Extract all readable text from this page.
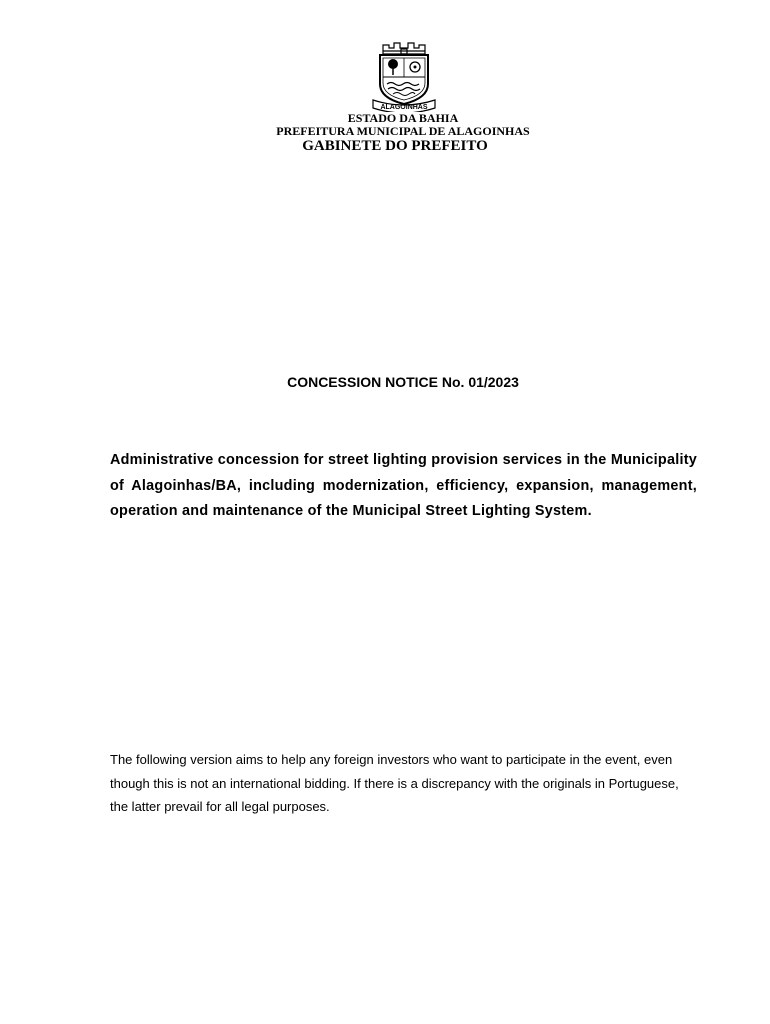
ALAGOINHAS
ESTADO DA BAHIA
PREFEITURA MUNICIPAL DE ALAGOINHAS
GABINETE DO PREFEITO
CONCESSION NOTICE No. 01/2023

Administrative concession for street lighting provision services in the Municipality of Alagoinhas/BA, including modernization, efficiency, expansion, management, operation and maintenance of the Municipal Street Lighting System.

The following version aims to help any foreign investors who want to participate in the event, even though this is not an international bidding. If there is a discrepancy with the originals in Portuguese, the latter prevail for all legal purposes.
